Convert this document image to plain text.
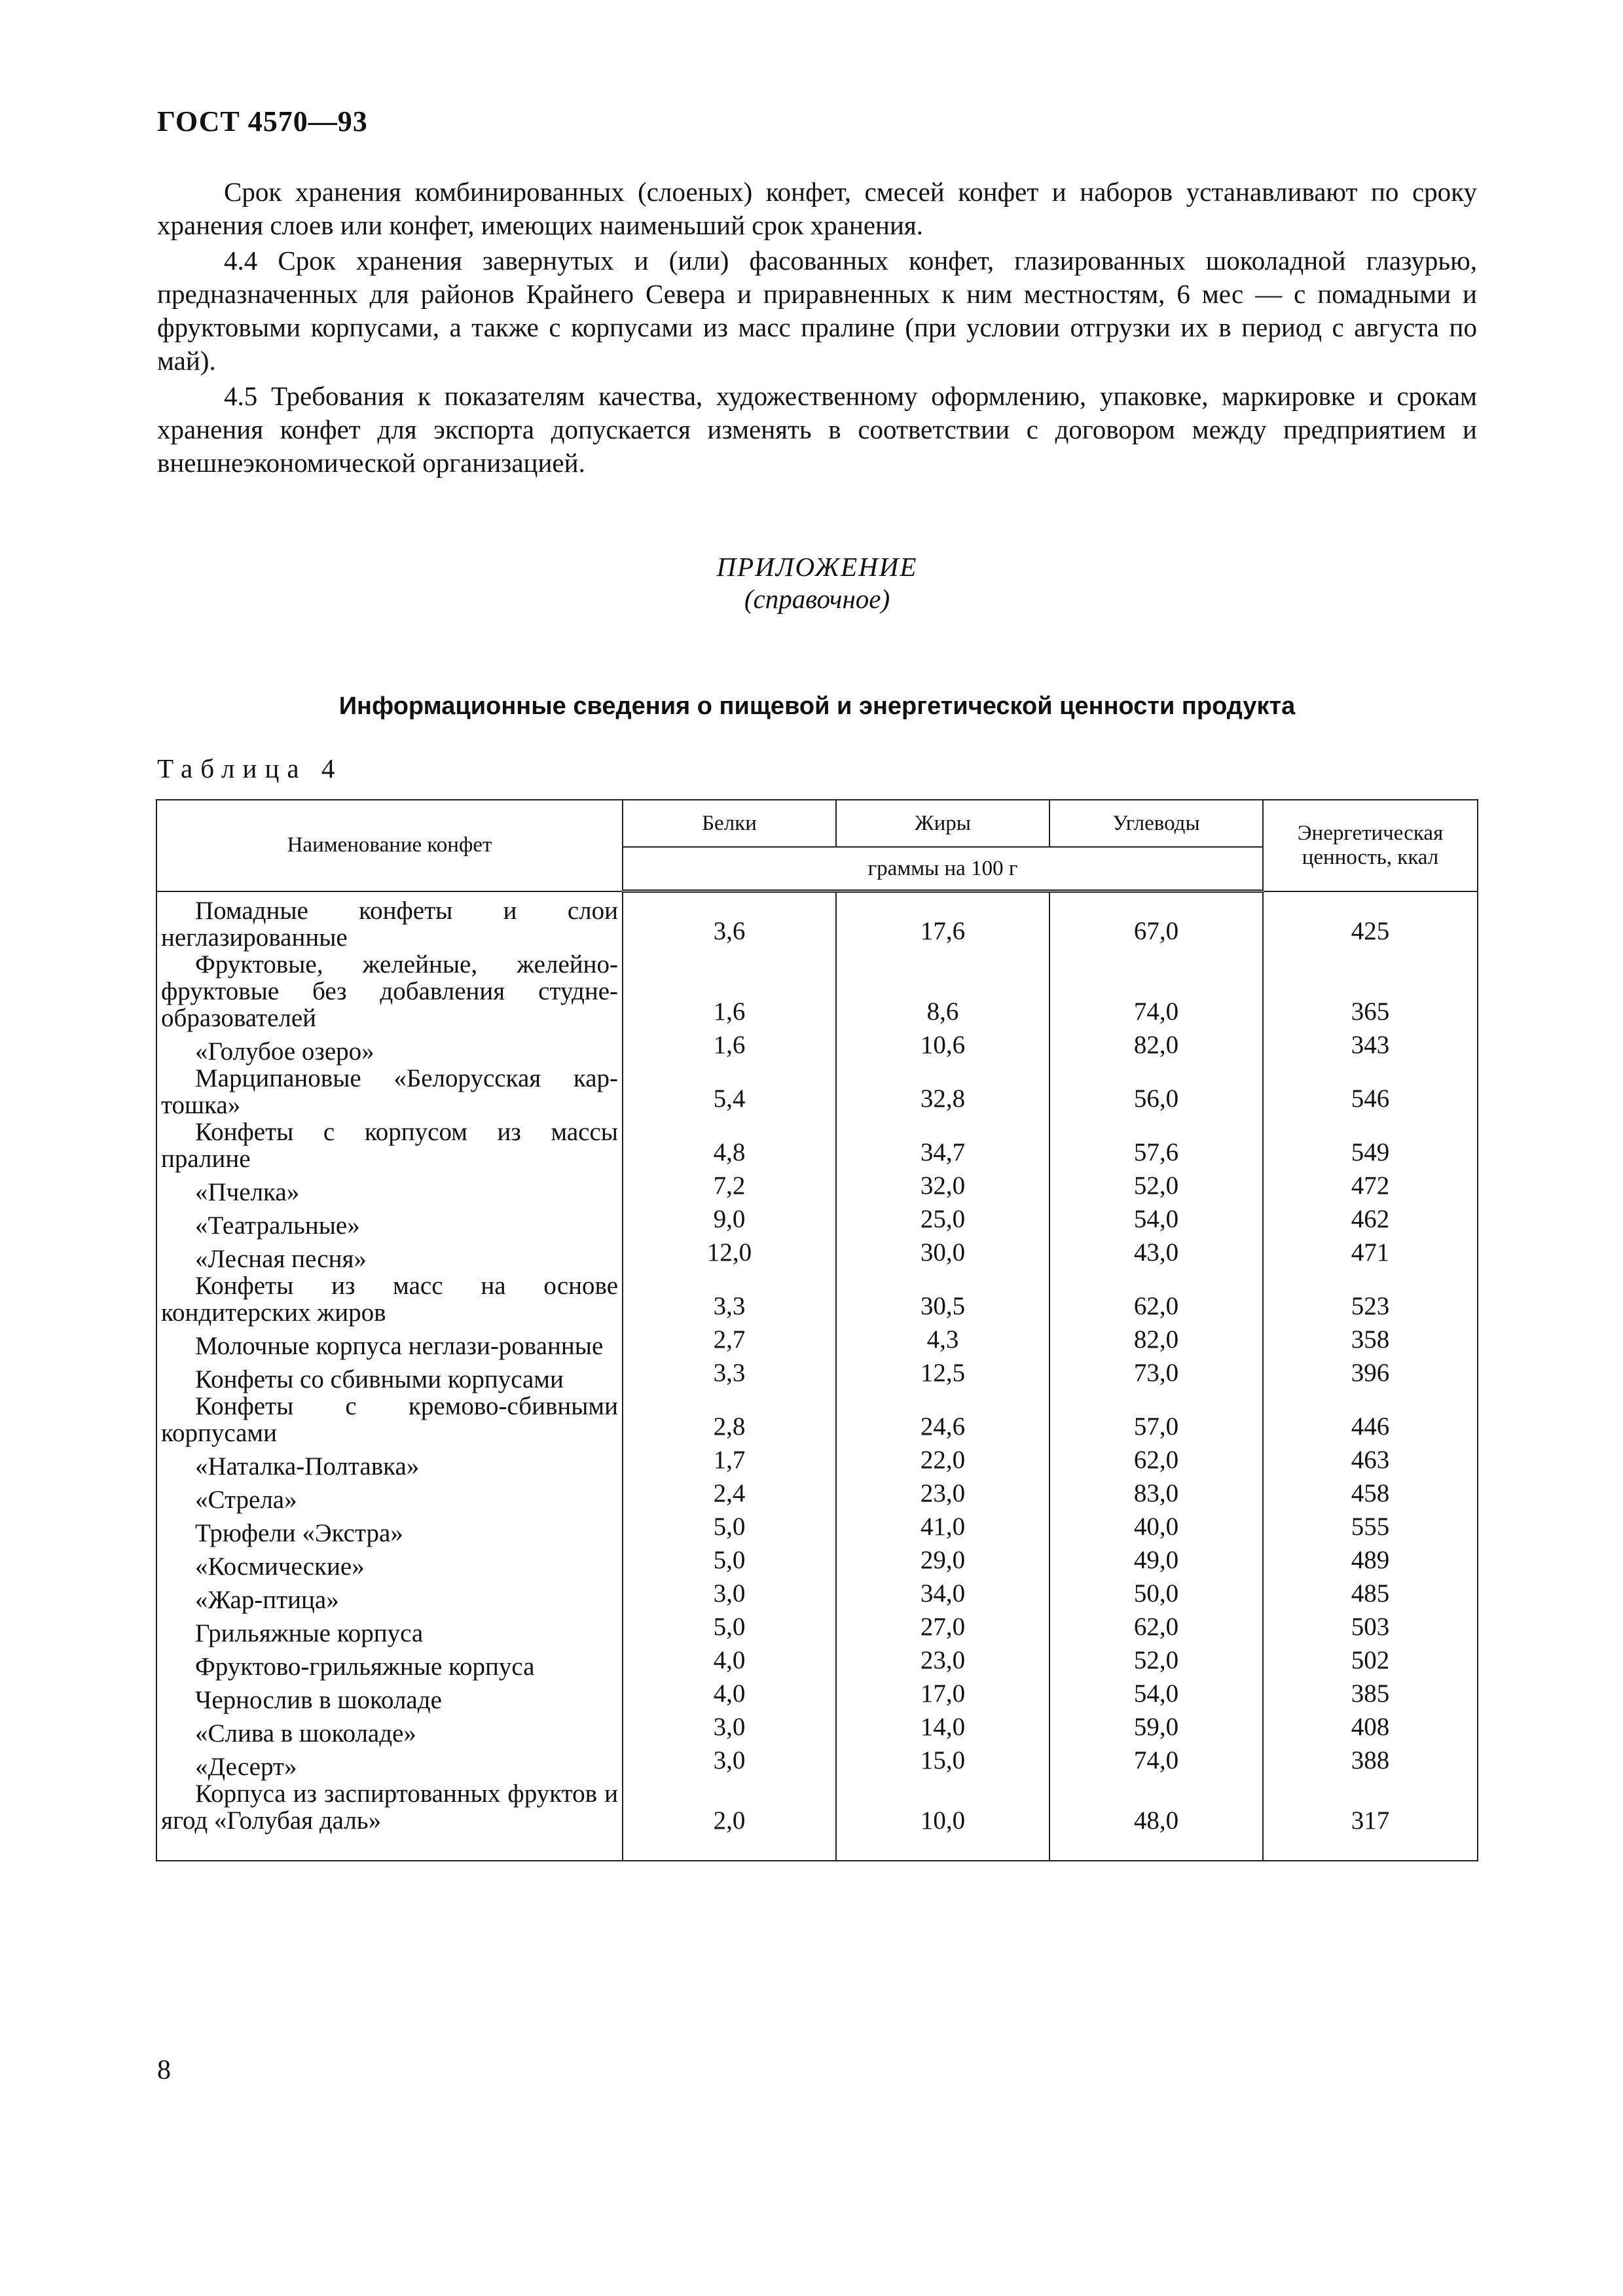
ГОСТ 4570—93

Срок хранения комбинированных (слоеных) конфет, смесей конфет и наборов устанавливают по сроку хранения слоев или конфет, имеющих наименьший срок хранения.

4.4 Срок хранения завернутых и (или) фасованных конфет, глазированных шоколадной глазурью, предназначенных для районов Крайнего Севера и приравненных к ним местностям, 6 мес — с помадными и фруктовыми корпусами, а также с корпусами из масс пралине (при условии отгрузки их в период с августа по май).

4.5 Требования к показателям качества, художественному оформлению, упаковке, маркировке и срокам хранения конфет для экспорта допускается изменять в соответствии с договором между предприятием и внешнеэкономической организацией.

ПРИЛОЖЕНИЕ
(справочное)
Информационные сведения о пищевой и энергетической ценности продукта
Таблица 4
Наименование конфет	Белки	Жиры	Углеводы	Энергетическая ценность, ккал
	граммы на 100 г			
Помадные конфеты и слои неглазированные	3,6	17,6	67,0	425
Фруктовые, желейные, желейно-фруктовые без добавления студне-образователей	1,6	8,6	74,0	365
«Голубое озеро»	1,6	10,6	82,0	343
Марципановые «Белорусская кар-тошка»	5,4	32,8	56,0	546
Конфеты с корпусом из массы пралине	4,8	34,7	57,6	549
«Пчелка»	7,2	32,0	52,0	472
«Театральные»	9,0	25,0	54,0	462
«Лесная песня»	12,0	30,0	43,0	471
Конфеты из масс на основе кондитерских жиров	3,3	30,5	62,0	523
Молочные корпуса неглази-рованные	2,7	4,3	82,0	358
Конфеты со сбивными корпусами	3,3	12,5	73,0	396
Конфеты с кремово-сбивными корпусами	2,8	24,6	57,0	446
«Наталка-Полтавка»	1,7	22,0	62,0	463
«Стрела»	2,4	23,0	83,0	458
Трюфели «Экстра»	5,0	41,0	40,0	555
«Космические»	5,0	29,0	49,0	489
«Жар-птица»	3,0	34,0	50,0	485
Грильяжные корпуса	5,0	27,0	62,0	503
Фруктово-грильяжные корпуса	4,0	23,0	52,0	502
Чернослив в шоколаде	4,0	17,0	54,0	385
«Слива в шоколаде»	3,0	14,0	59,0	408
«Десерт»	3,0	15,0	74,0	388
Корпуса из заспиртованных фруктов и ягод «Голубая даль»	2,0	10,0	48,0	317
8
